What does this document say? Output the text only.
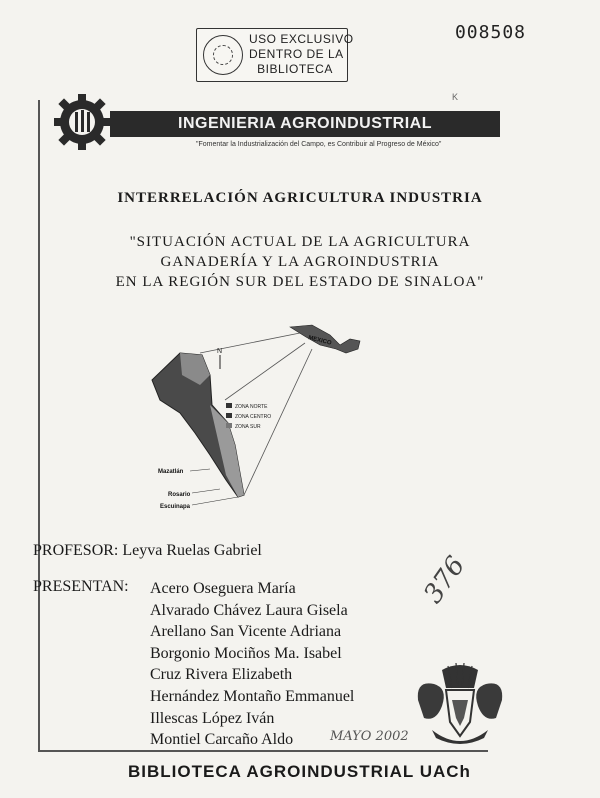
USO EXCLUSIVO
DENTRO DE LA
BIBLIOTECA
008508
K
INGENIERIA AGROINDUSTRIAL
"Fomentar la Industrialización del Campo, es Contribuir al Progreso de México"
INTERRELACIÓN AGRICULTURA INDUSTRIA
"SITUACIÓN ACTUAL DE LA AGRICULTURA
GANADERÍA Y LA AGROINDUSTRIA
EN LA REGIÓN SUR DEL ESTADO DE SINALOA"
MEXICO
N
ZONA NORTE
ZONA CENTRO
ZONA SUR
Mazatlán
Rosario
Escuinapa
PROFESOR: Leyva Ruelas Gabriel
PRESENTAN: Acero Oseguera María
Alvarado Chávez Laura Gisela
Arellano San Vicente Adriana
Borgonio Mociños Ma. Isabel
Cruz Rivera Elizabeth
Hernández Montaño Emmanuel
Illescas López Iván
Montiel Carcaño Aldo
376
MAYO 2002
BIBLIOTECA AGROINDUSTRIAL UACh
